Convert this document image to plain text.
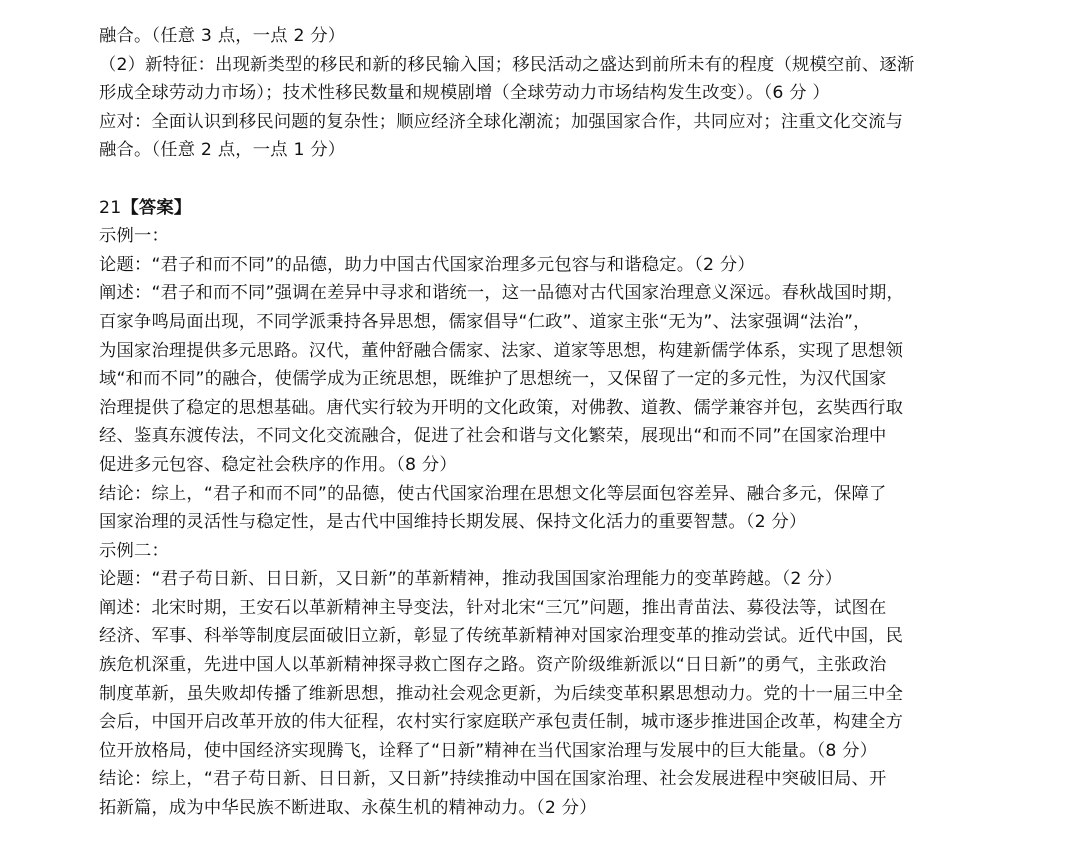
融合。（任意 3 点，一点 2 分）
（2）新特征：出现新类型的移民和新的移民输入国；移民活动之盛达到前所未有的程度（规模空前、逐渐
形成全球劳动力市场）；技术性移民数量和规模剧增（全球劳动力市场结构发生改变）。（6 分 ）
应对：全面认识到移民问题的复杂性；顺应经济全球化潮流；加强国家合作，共同应对；注重文化交流与
融合。（任意 2 点，一点 1 分）
21【答案】
示例一：
论题：“君子和而不同”的品德，助力中国古代国家治理多元包容与和谐稳定。（2 分）
阐述：“君子和而不同”强调在差异中寻求和谐统一，这一品德对古代国家治理意义深远。春秋战国时期，
百家争鸣局面出现，不同学派秉持各异思想，儒家倡导“仁政”、道家主张“无为”、法家强调“法治”，
为国家治理提供多元思路。汉代，董仲舒融合儒家、法家、道家等思想，构建新儒学体系，实现了思想领
域“和而不同”的融合，使儒学成为正统思想，既维护了思想统一，又保留了一定的多元性，为汉代国家
治理提供了稳定的思想基础。唐代实行较为开明的文化政策，对佛教、道教、儒学兼容并包，玄奘西行取
经、鉴真东渡传法，不同文化交流融合，促进了社会和谐与文化繁荣，展现出“和而不同”在国家治理中
促进多元包容、稳定社会秩序的作用。（8 分）
结论：综上，“君子和而不同”的品德，使古代国家治理在思想文化等层面包容差异、融合多元，保障了
国家治理的灵活性与稳定性，是古代中国维持长期发展、保持文化活力的重要智慧。（2 分）
示例二：
论题：“君子苟日新、日日新，又日新”的革新精神，推动我国国家治理能力的变革跨越。（2 分）
阐述：北宋时期，王安石以革新精神主导变法，针对北宋“三冗”问题，推出青苗法、募役法等，试图在
经济、军事、科举等制度层面破旧立新，彰显了传统革新精神对国家治理变革的推动尝试。近代中国，民
族危机深重，先进中国人以革新精神探寻救亡图存之路。资产阶级维新派以“日日新”的勇气，主张政治
制度革新，虽失败却传播了维新思想，推动社会观念更新，为后续变革积累思想动力。党的十一届三中全
会后，中国开启改革开放的伟大征程，农村实行家庭联产承包责任制，城市逐步推进国企改革，构建全方
位开放格局，使中国经济实现腾飞，诠释了“日新”精神在当代国家治理与发展中的巨大能量。（8 分）
结论：综上，“君子苟日新、日日新，又日新”持续推动中国在国家治理、社会发展进程中突破旧局、开
拓新篇，成为中华民族不断进取、永葆生机的精神动力。（2 分）
